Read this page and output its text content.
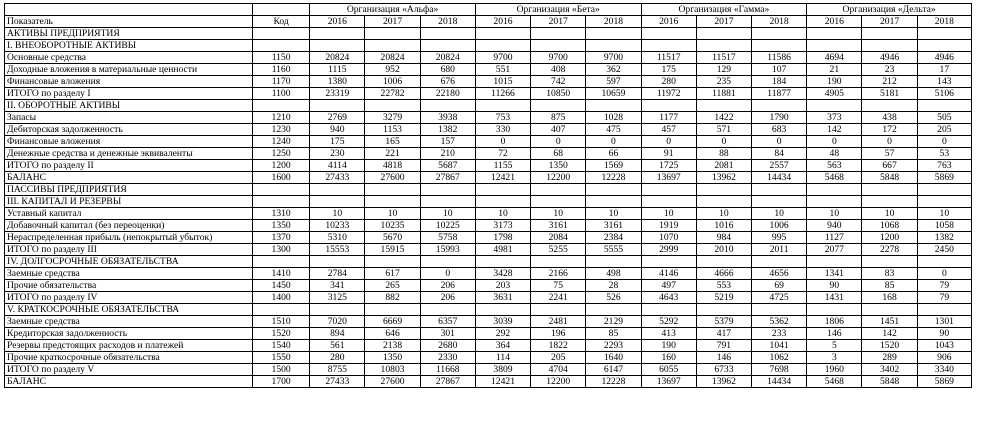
		Организация «Альфа»			Организация «Бета»			Организация «Гамма»			Организация «Дельта»		
Показатель	Код	2016	2017	2018	2016	2017	2018	2016	2017	2018	2016	2017	2018
АКТИВЫ ПРЕДПРИЯТИЯ													
I. ВНЕОБОРОТНЫЕ АКТИВЫ													
Основные средства	1150	20824	20824	20824	9700	9700	9700	11517	11517	11586	4694	4946	4946
Доходные вложения в материальные ценности	1160	1115	952	680	551	408	362	175	129	107	21	23	17
Финансовые вложения	1170	1380	1006	676	1015	742	597	280	235	184	190	212	143
ИТОГО по разделу I	1100	23319	22782	22180	11266	10850	10659	11972	11881	11877	4905	5181	5106
II. ОБОРОТНЫЕ АКТИВЫ													
Запасы	1210	2769	3279	3938	753	875	1028	1177	1422	1790	373	438	505
Дебиторская задолженность	1230	940	1153	1382	330	407	475	457	571	683	142	172	205
Финансовые вложения	1240	175	165	157	0	0	0	0	0	0	0	0	0
Денежные средства и денежные эквиваленты	1250	230	221	210	72	68	66	91	88	84	48	57	53
ИТОГО по разделу II	1200	4114	4818	5687	1155	1350	1569	1725	2081	2557	563	667	763
БАЛАНС	1600	27433	27600	27867	12421	12200	12228	13697	13962	14434	5468	5848	5869
ПАССИВЫ ПРЕДПРИЯТИЯ													
III. КАПИТАЛ И РЕЗЕРВЫ													
Уставный капитал	1310	10	10	10	10	10	10	10	10	10	10	10	10
Добавочный капитал (без переоценки)	1350	10233	10235	10225	3173	3161	3161	1919	1016	1006	940	1068	1058
Нераспределенная прибыль (непокрытый убыток)	1370	5310	5670	5758	1798	2084	2384	1070	984	995	1127	1200	1382
ИТОГО по разделу III	1300	15553	15915	15993	4981	5255	5555	2999	2010	2011	2077	2278	2450
IV. ДОЛГОСРОЧНЫЕ ОБЯЗАТЕЛЬСТВА													
Заемные средства	1410	2784	617	0	3428	2166	498	4146	4666	4656	1341	83	0
Прочие обязательства	1450	341	265	206	203	75	28	497	553	69	90	85	79
ИТОГО по разделу IV	1400	3125	882	206	3631	2241	526	4643	5219	4725	1431	168	79
V. КРАТКОСРОЧНЫЕ ОБЯЗАТЕЛЬСТВА													
Заемные средства	1510	7020	6669	6357	3039	2481	2129	5292	5379	5362	1806	1451	1301
Кредиторская задолженность	1520	894	646	301	292	196	85	413	417	233	146	142	90
Резервы предстоящих расходов и платежей	1540	561	2138	2680	364	1822	2293	190	791	1041	5	1520	1043
Прочие краткосрочные обязательства	1550	280	1350	2330	114	205	1640	160	146	1062	3	289	906
ИТОГО по разделу V	1500	8755	10803	11668	3809	4704	6147	6055	6733	7698	1960	3402	3340
БАЛАНС	1700	27433	27600	27867	12421	12200	12228	13697	13962	14434	5468	5848	5869
